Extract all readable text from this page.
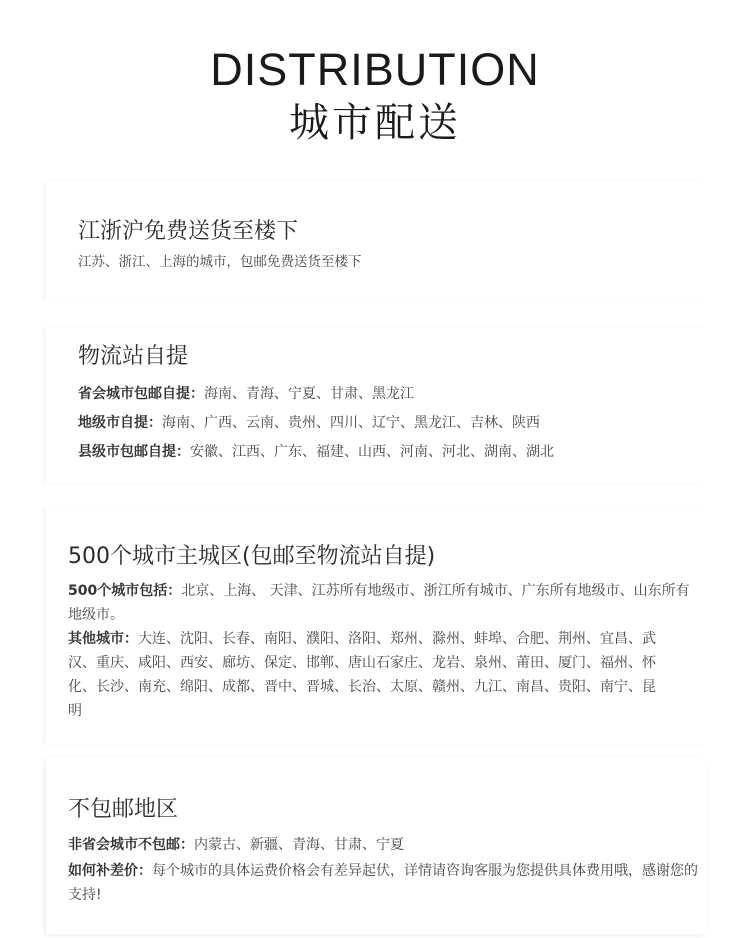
DISTRIBUTION
城市配送
江浙沪免费送货至楼下
江苏、浙江、上海的城市，包邮免费送货至楼下
物流站自提
省会城市包邮自提：海南、青海、宁夏、甘肃、黑龙江
地级市自提：海南、广西、云南、贵州、四川、辽宁、黑龙江、吉林、陕西
县级市包邮自提：安徽、江西、广东、福建、山西、河南、河北、湖南、湖北
500个城市主城区(包邮至物流站自提)
500个城市包括：北京、上海、 天津、江苏所有地级市、浙江所有城市、广东所有地级市、山东所有地级市。
其他城市：大连、沈阳、长春、南阳、濮阳、洛阳、郑州、滁州、蚌埠、合肥、荆州、宜昌、武汉、重庆、咸阳、西安、廊坊、保定、邯郸、唐山石家庄、龙岩、泉州、莆田、厦门、福州、怀化、长沙、南充、绵阳、成都、晋中、晋城、长治、太原、赣州、九江、南昌、贵阳、南宁、昆明
不包邮地区
非省会城市不包邮：内蒙古、新疆、青海、甘肃、宁夏
如何补差价：每个城市的具体运费价格会有差异起伏，详情请咨询客服为您提供具体费用哦，感谢您的支持!
